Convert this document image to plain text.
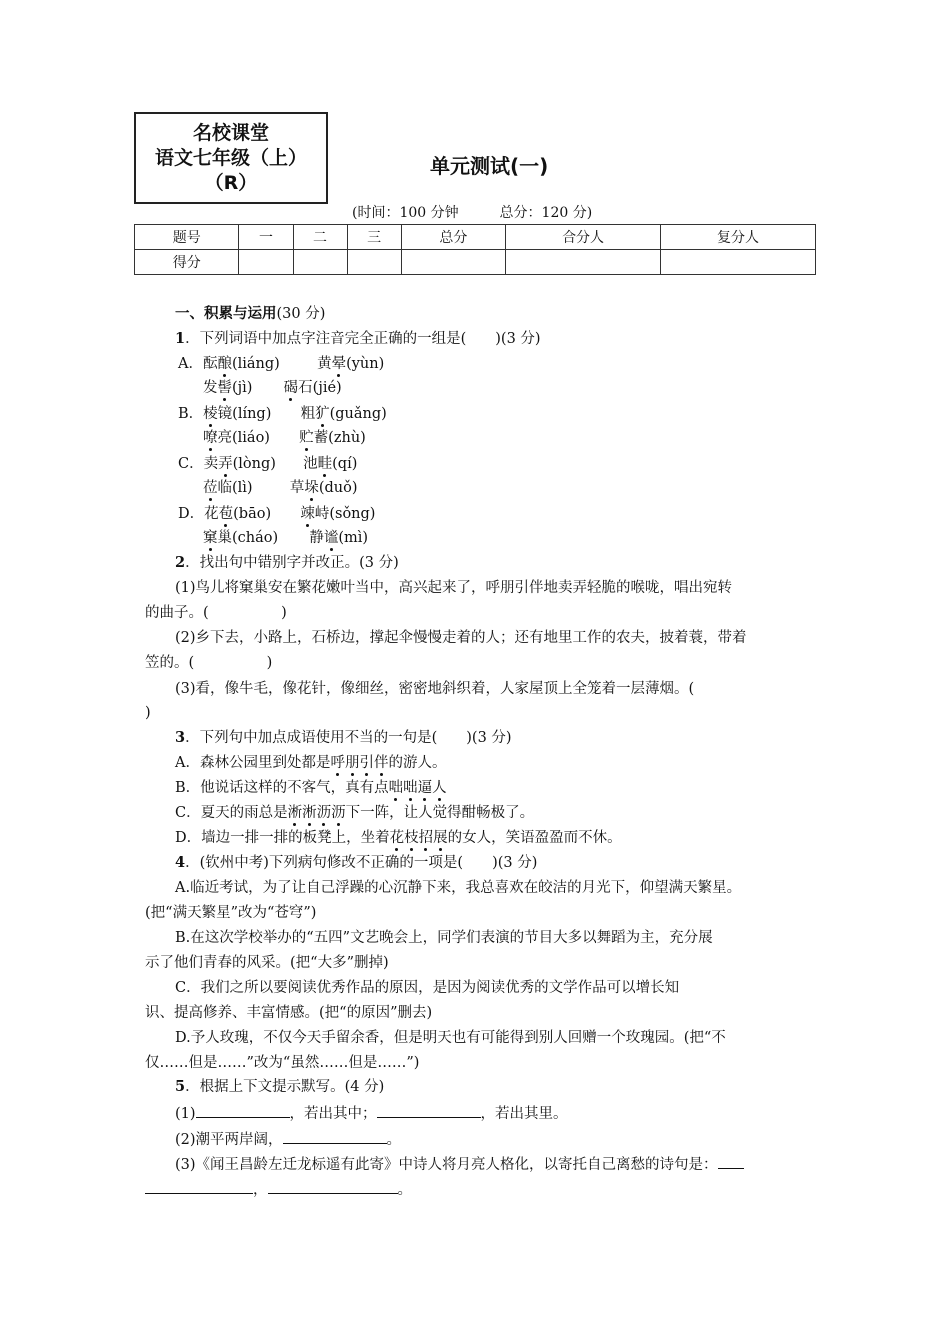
名校课堂
语文七年级（上）
（R）
单元测试(一)
(时间：100 分钟	总分：120 分)
题号	一	二	三	总分	合分人	复分人
得分						
一、积累与运用(30 分)
1．下列词语中加点字注音完全正确的一组是(　　)(3 分)
A．酝酿(liáng)	黄晕(yùn)
发髻(jì) 碣石(jié)
B．棱镜(líng) 粗犷(guǎng)
嘹亮(liáo) 贮蓄(zhù)
C．卖弄(lòng) 池畦(qí)
莅临(lì)	草垛(duǒ)
D．花苞(bāo) 竦峙(sǒng)
窠巢(cháo) 静谧(mì)
2．找出句中错别字并改正。(3 分)
(1)鸟儿将窠巢安在繁花嫩叶当中，高兴起来了，呼朋引伴地卖弄轻脆的喉咙，唱出宛转
的曲子。(　　　　　)
(2)乡下去，小路上，石桥边，撑起伞慢慢走着的人；还有地里工作的农夫，披着蓑，带着
笠的。(　　　　　)
(3)看，像牛毛，像花针，像细丝，密密地斜织着，人家屋顶上全笼着一层薄烟。(
)
3．下列句中加点成语使用不当的一句是(　　)(3 分)
A．森林公园里到处都是呼朋引伴的游人。
B．他说话这样的不客气，真有点咄咄逼人
C．夏天的雨总是淅淅沥沥下一阵，让人觉得酣畅极了。
D．墙边一排一排的板凳上，坐着花枝招展的女人，笑语盈盈而不休。
4．(钦州中考)下列病句修改不正确的一项是(　　)(3 分)
A.临近考试，为了让自己浮躁的心沉静下来，我总喜欢在皎洁的月光下，仰望满天繁星。
(把“满天繁星”改为“苍穹”)
B.在这次学校举办的“五四”文艺晚会上，同学们表演的节目大多以舞蹈为主，充分展
示了他们青春的风采。(把“大多”删掉)
C．我们之所以要阅读优秀作品的原因，是因为阅读优秀的文学作品可以增长知
识、提高修养、丰富情感。(把“的原因”删去)
D.予人玫瑰，不仅今天手留余香，但是明天也有可能得到别人回赠一个玫瑰园。(把“不
仅……但是……”改为“虽然……但是……”)
5．根据上下文提示默写。(4 分)
(1)	，若出其中；	，若出其里。
(2)潮平两岸阔，	。
(3)《闻王昌龄左迁龙标遥有此寄》中诗人将月亮人格化，以寄托自己离愁的诗句是：
，	。
